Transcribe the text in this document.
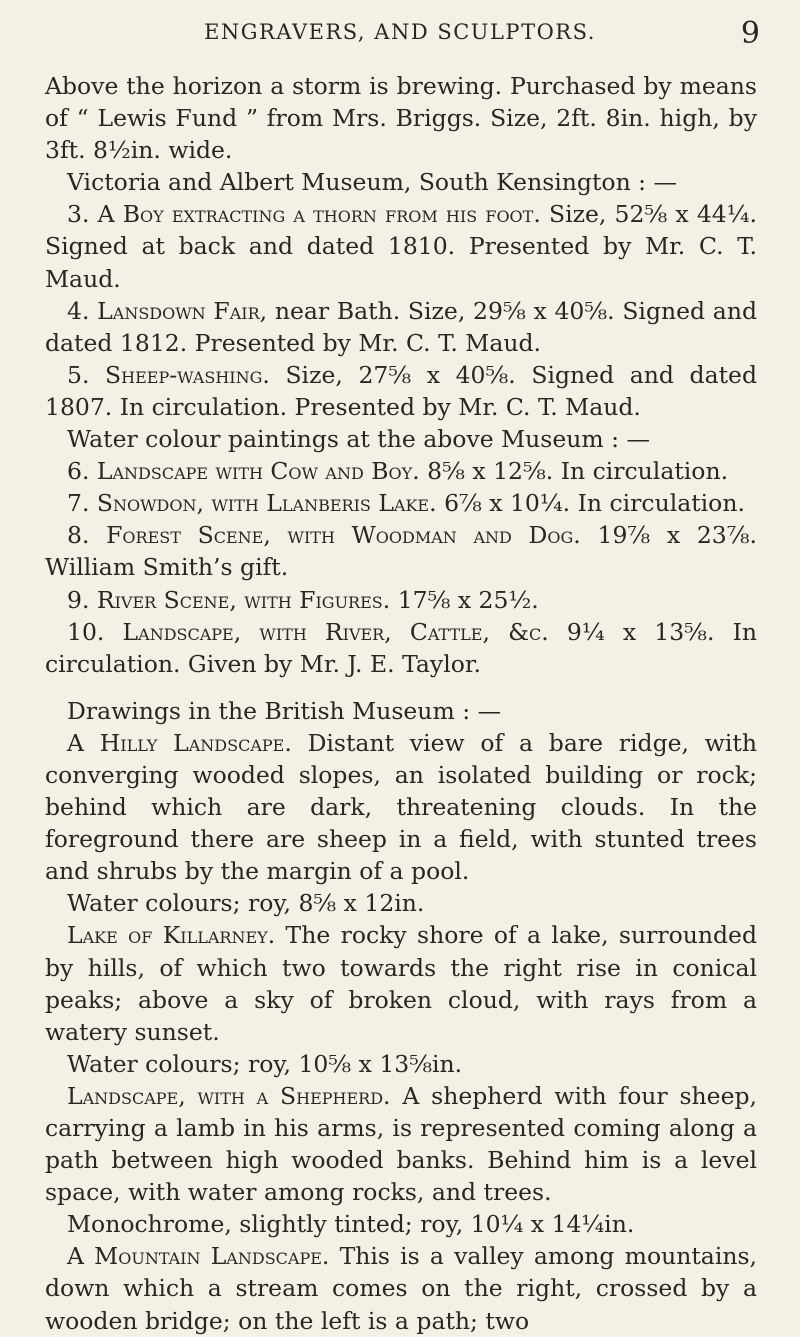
ENGRAVERS, AND SCULPTORS.	9

Above the horizon a storm is brewing. Purchased by means of “ Lewis Fund ” from Mrs. Briggs. Size, 2ft. 8in. high, by 3ft. 8½in. wide.

Victoria and Albert Museum, South Kensington : —

3. A Boy extracting a thorn from his foot. Size, 52⅝ x 44¼. Signed at back and dated 1810. Presented by Mr. C. T. Maud.

4. Lansdown Fair, near Bath. Size, 29⅝ x 40⅝. Signed and dated 1812. Presented by Mr. C. T. Maud.

5. Sheep-washing. Size, 27⅝ x 40⅝. Signed and dated 1807. In circulation. Presented by Mr. C. T. Maud.

Water colour paintings at the above Museum : —

6. Landscape with Cow and Boy. 8⅝ x 12⅝. In circulation.

7. Snowdon, with Llanberis Lake. 6⅞ x 10¼. In circulation.

8. Forest Scene, with Woodman and Dog. 19⅞ x 23⅞. William Smith’s gift.

9. River Scene, with Figures. 17⅝ x 25½.

10. Landscape, with River, Cattle, &c. 9¼ x 13⅝. In circulation. Given by Mr. J. E. Taylor.

Drawings in the British Museum : —

A Hilly Landscape. Distant view of a bare ridge, with converging wooded slopes, an isolated building or rock; behind which are dark, threatening clouds. In the foreground there are sheep in a field, with stunted trees and shrubs by the margin of a pool.

Water colours; roy, 8⅝ x 12in.

Lake of Killarney. The rocky shore of a lake, surrounded by hills, of which two towards the right rise in conical peaks; above a sky of broken cloud, with rays from a watery sunset.

Water colours; roy, 10⅝ x 13⅝in.

Landscape, with a Shepherd. A shepherd with four sheep, carrying a lamb in his arms, is represented coming along a path between high wooded banks. Behind him is a level space, with water among rocks, and trees.

Monochrome, slightly tinted; roy, 10¼ x 14¼in.

A Mountain Landscape. This is a valley among mountains, down which a stream comes on the right, crossed by a wooden bridge; on the left is a path; two
